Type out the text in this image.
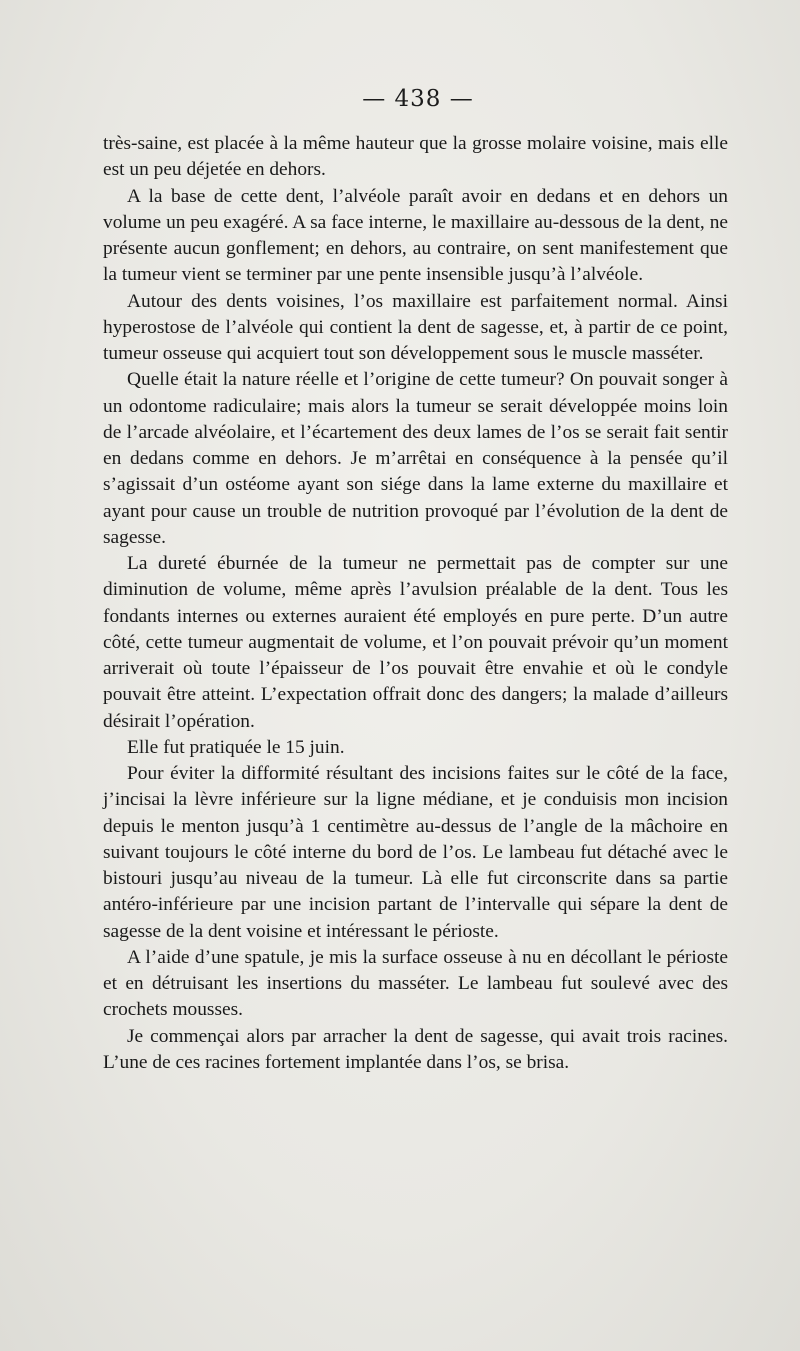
— 438 —

très-saine, est placée à la même hauteur que la grosse molaire voisine, mais elle est un peu déjetée en dehors.

A la base de cette dent, l’alvéole paraît avoir en dedans et en dehors un volume un peu exagéré. A sa face interne, le maxillaire au-dessous de la dent, ne présente aucun gonflement; en dehors, au contraire, on sent manifestement que la tumeur vient se terminer par une pente insensible jusqu’à l’alvéole.

Autour des dents voisines, l’os maxillaire est parfaitement normal. Ainsi hyperostose de l’alvéole qui contient la dent de sagesse, et, à partir de ce point, tumeur osseuse qui acquiert tout son développement sous le muscle masséter.

Quelle était la nature réelle et l’origine de cette tumeur? On pouvait songer à un odontome radiculaire; mais alors la tumeur se serait développée moins loin de l’arcade alvéolaire, et l’écartement des deux lames de l’os se serait fait sentir en dedans comme en dehors. Je m’arrêtai en conséquence à la pensée qu’il s’agissait d’un ostéome ayant son siége dans la lame externe du maxillaire et ayant pour cause un trouble de nutrition provoqué par l’évolution de la dent de sagesse.

La dureté éburnée de la tumeur ne permettait pas de compter sur une diminution de volume, même après l’avulsion préalable de la dent. Tous les fondants internes ou externes auraient été employés en pure perte. D’un autre côté, cette tumeur augmentait de volume, et l’on pouvait prévoir qu’un moment arriverait où toute l’épaisseur de l’os pouvait être envahie et où le condyle pouvait être atteint. L’expectation offrait donc des dangers; la malade d’ailleurs désirait l’opération.

Elle fut pratiquée le 15 juin.

Pour éviter la difformité résultant des incisions faites sur le côté de la face, j’incisai la lèvre inférieure sur la ligne médiane, et je conduisis mon incision depuis le menton jusqu’à 1 centimètre au-dessus de l’angle de la mâchoire en suivant toujours le côté interne du bord de l’os. Le lambeau fut détaché avec le bistouri jusqu’au niveau de la tumeur. Là elle fut circonscrite dans sa partie antéro-inférieure par une incision partant de l’intervalle qui sépare la dent de sagesse de la dent voisine et intéressant le périoste.

A l’aide d’une spatule, je mis la surface osseuse à nu en décollant le périoste et en détruisant les insertions du masséter. Le lambeau fut soulevé avec des crochets mousses.

Je commençai alors par arracher la dent de sagesse, qui avait trois racines. L’une de ces racines fortement implantée dans l’os, se brisa.
